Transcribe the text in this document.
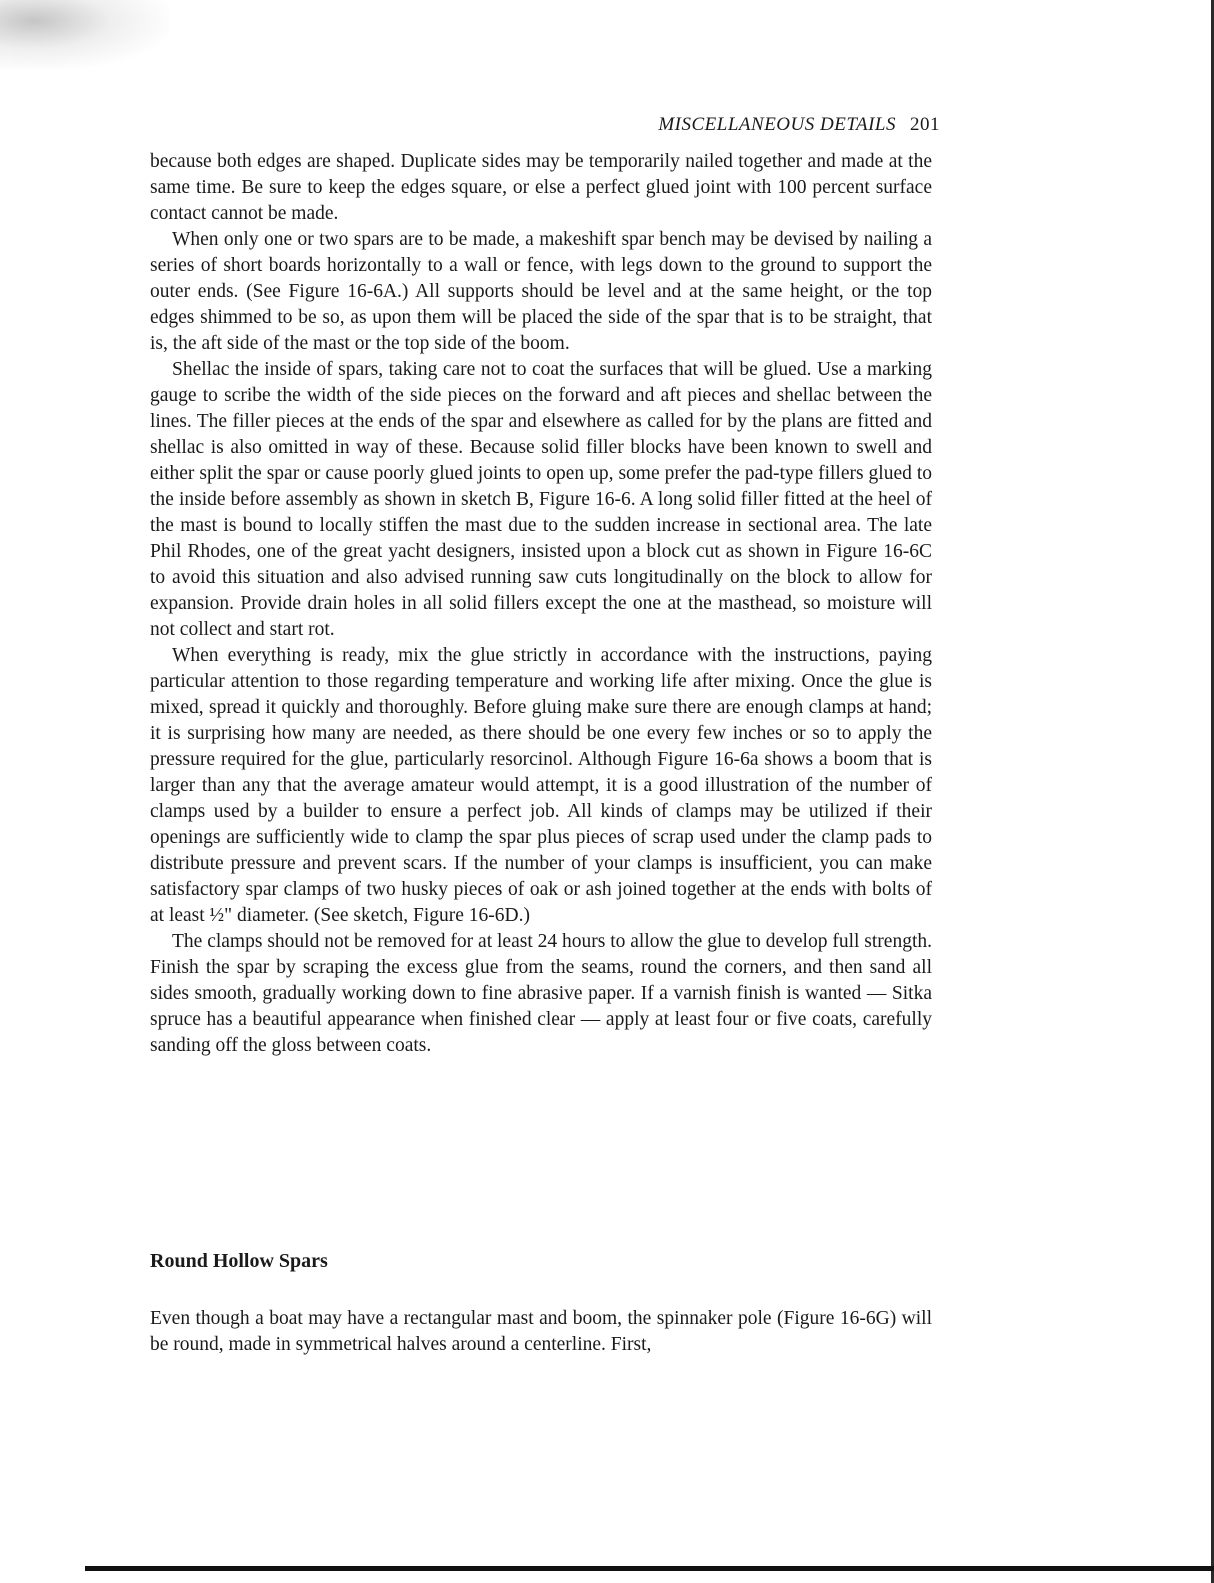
MISCELLANEOUS DETAILS 201

because both edges are shaped. Duplicate sides may be temporarily nailed together and made at the same time. Be sure to keep the edges square, or else a perfect glued joint with 100 percent surface contact cannot be made.

When only one or two spars are to be made, a makeshift spar bench may be devised by nailing a series of short boards horizontally to a wall or fence, with legs down to the ground to support the outer ends. (See Figure 16-6A.) All supports should be level and at the same height, or the top edges shimmed to be so, as upon them will be placed the side of the spar that is to be straight, that is, the aft side of the mast or the top side of the boom.

Shellac the inside of spars, taking care not to coat the surfaces that will be glued. Use a marking gauge to scribe the width of the side pieces on the forward and aft pieces and shellac between the lines. The filler pieces at the ends of the spar and elsewhere as called for by the plans are fitted and shellac is also omitted in way of these. Because solid filler blocks have been known to swell and either split the spar or cause poorly glued joints to open up, some prefer the pad-type fillers glued to the inside before assembly as shown in sketch B, Figure 16-6. A long solid filler fitted at the heel of the mast is bound to locally stiffen the mast due to the sudden increase in sectional area. The late Phil Rhodes, one of the great yacht designers, insisted upon a block cut as shown in Figure 16-6C to avoid this situation and also advised running saw cuts longitudinally on the block to allow for expansion. Provide drain holes in all solid fillers except the one at the masthead, so moisture will not collect and start rot.

When everything is ready, mix the glue strictly in accordance with the instructions, paying particular attention to those regarding temperature and working life after mixing. Once the glue is mixed, spread it quickly and thoroughly. Before gluing make sure there are enough clamps at hand; it is surprising how many are needed, as there should be one every few inches or so to apply the pressure required for the glue, particularly resorcinol. Although Figure 16-6a shows a boom that is larger than any that the average amateur would attempt, it is a good illustration of the number of clamps used by a builder to ensure a perfect job. All kinds of clamps may be utilized if their openings are sufficiently wide to clamp the spar plus pieces of scrap used under the clamp pads to distribute pressure and prevent scars. If the number of your clamps is insufficient, you can make satisfactory spar clamps of two husky pieces of oak or ash joined together at the ends with bolts of at least ½" diameter. (See sketch, Figure 16-6D.)

The clamps should not be removed for at least 24 hours to allow the glue to develop full strength. Finish the spar by scraping the excess glue from the seams, round the corners, and then sand all sides smooth, gradually working down to fine abrasive paper. If a varnish finish is wanted — Sitka spruce has a beautiful appearance when finished clear — apply at least four or five coats, carefully sanding off the gloss between coats.

Round Hollow Spars

Even though a boat may have a rectangular mast and boom, the spinnaker pole (Figure 16-6G) will be round, made in symmetrical halves around a centerline. First,
